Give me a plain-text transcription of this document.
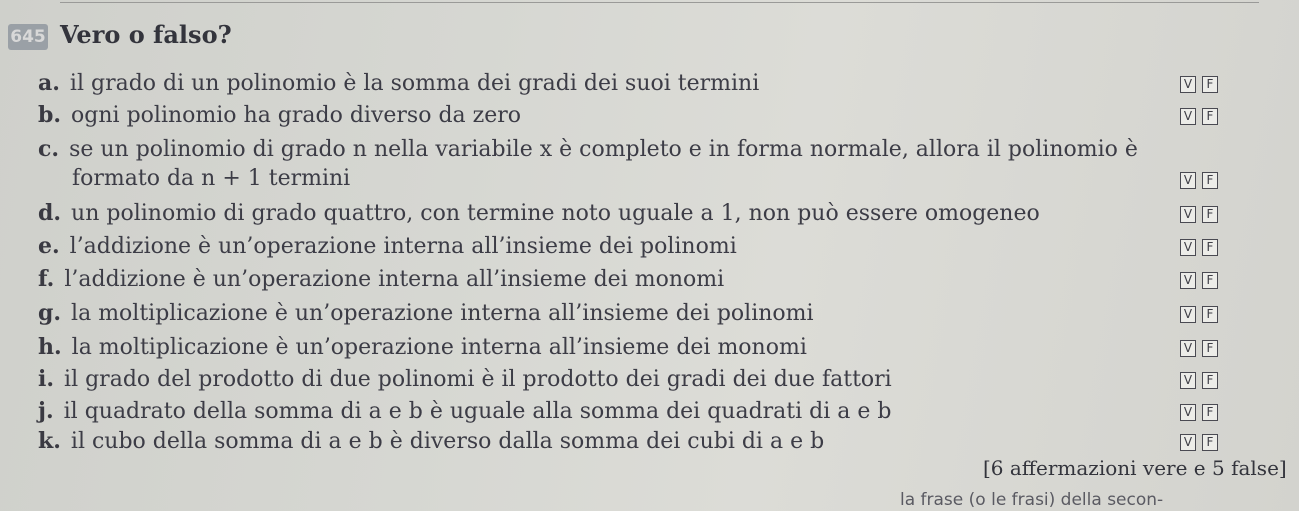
645 Vero o falso?
a. il grado di un polinomio è la somma dei gradi dei suoi termini	V	F
b. ogni polinomio ha grado diverso da zero	V	F
c. se un polinomio di grado n nella variabile x è completo e in forma normale, allora il polinomio è
formato da n + 1 termini	V	F
d. un polinomio di grado quattro, con termine noto uguale a 1, non può essere omogeneo	V	F
e. l’addizione è un’operazione interna all’insieme dei polinomi	V	F
f. l’addizione è un’operazione interna all’insieme dei monomi	V	F
g. la moltiplicazione è un’operazione interna all’insieme dei polinomi	V	F
h. la moltiplicazione è un’operazione interna all’insieme dei monomi	V	F
i. il grado del prodotto di due polinomi è il prodotto dei gradi dei due fattori	V	F
j. il quadrato della somma di a e b è uguale alla somma dei quadrati di a e b	V	F
k. il cubo della somma di a e b è diverso dalla somma dei cubi di a e b	V	F
[6 affermazioni vere e 5 false]
la frase (o le frasi) della secon-
